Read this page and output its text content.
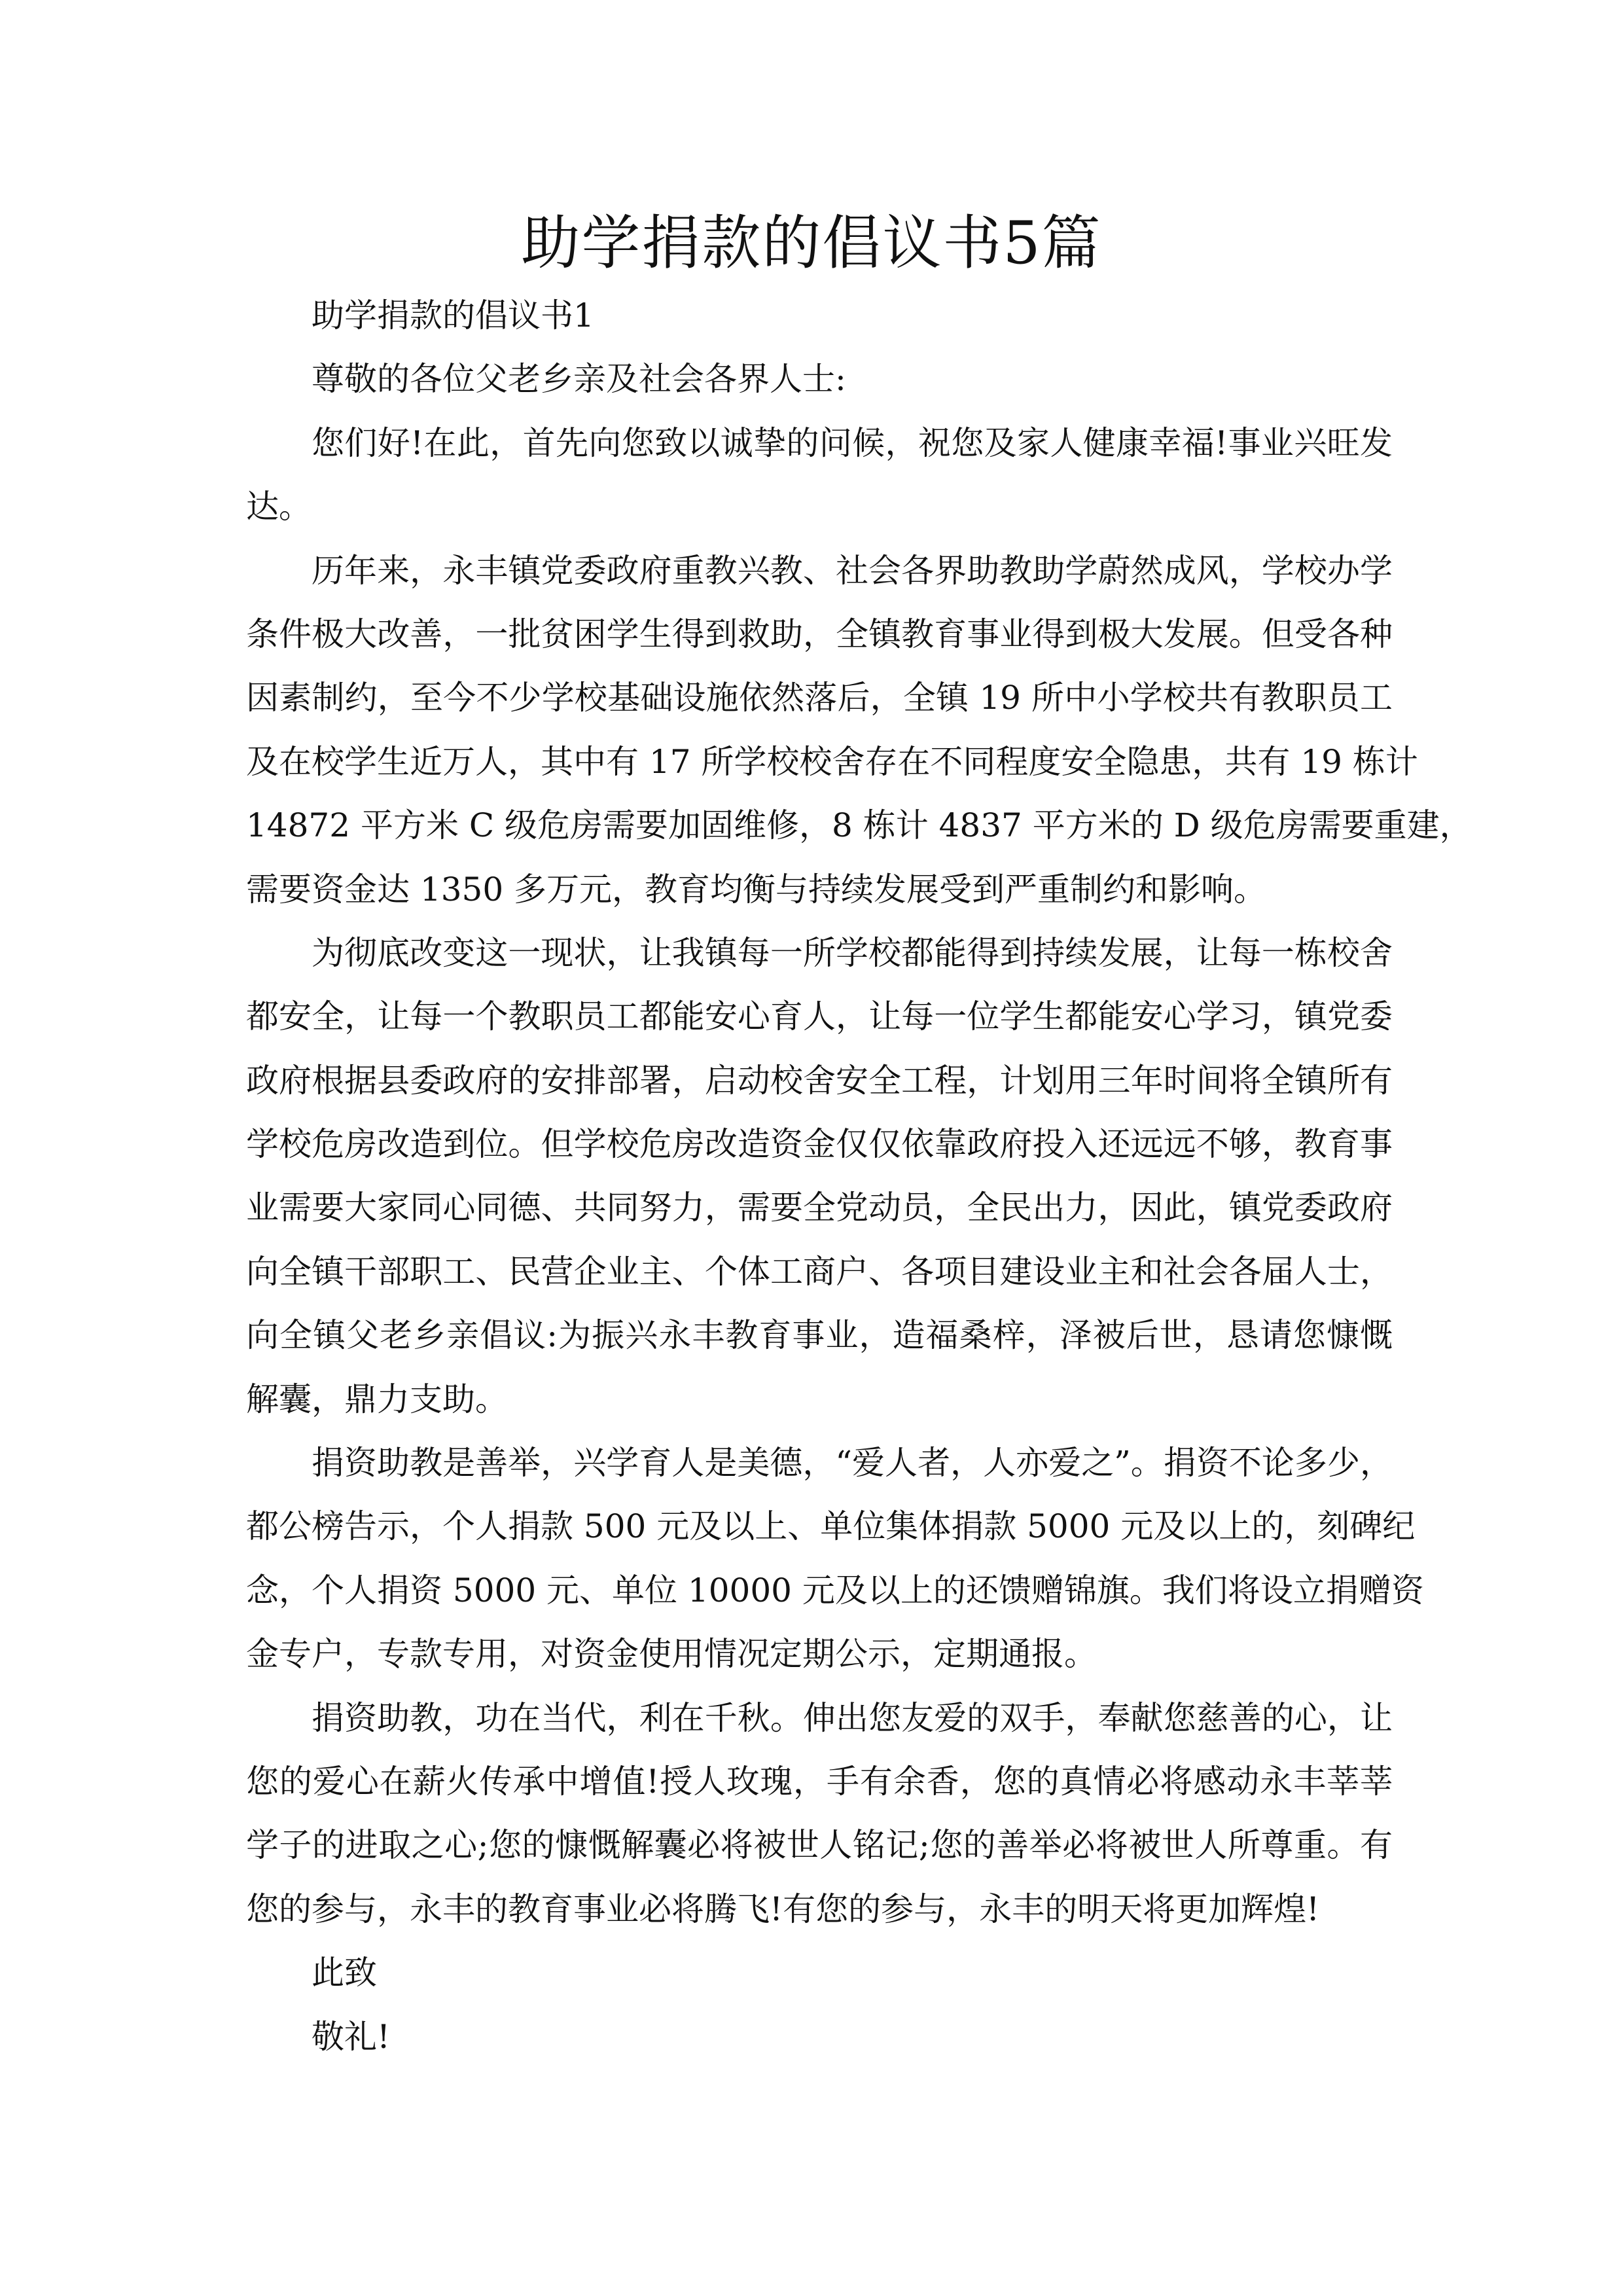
助学捐款的倡议书5篇
助学捐款的倡议书1
尊敬的各位父老乡亲及社会各界人士:
您们好!在此，首先向您致以诚挚的问候，祝您及家人健康幸福!事业兴旺发
达。
历年来，永丰镇党委政府重教兴教、社会各界助教助学蔚然成风，学校办学
条件极大改善，一批贫困学生得到救助，全镇教育事业得到极大发展。但受各种
因素制约，至今不少学校基础设施依然落后，全镇 19 所中小学校共有教职员工
及在校学生近万人，其中有 17 所学校校舍存在不同程度安全隐患，共有 19 栋计
14872 平方米 C 级危房需要加固维修，8 栋计 4837 平方米的 D 级危房需要重建，
需要资金达 1350 多万元，教育均衡与持续发展受到严重制约和影响。
为彻底改变这一现状，让我镇每一所学校都能得到持续发展，让每一栋校舍
都安全，让每一个教职员工都能安心育人，让每一位学生都能安心学习，镇党委
政府根据县委政府的安排部署，启动校舍安全工程，计划用三年时间将全镇所有
学校危房改造到位。但学校危房改造资金仅仅依靠政府投入还远远不够，教育事
业需要大家同心同德、共同努力，需要全党动员，全民出力，因此，镇党委政府
向全镇干部职工、民营企业主、个体工商户、各项目建设业主和社会各届人士，
向全镇父老乡亲倡议:为振兴永丰教育事业，造福桑梓，泽被后世，恳请您慷慨
解囊，鼎力支助。
捐资助教是善举，兴学育人是美德，“爱人者，人亦爱之”。捐资不论多少，
都公榜告示，个人捐款 500 元及以上、单位集体捐款 5000 元及以上的，刻碑纪
念，个人捐资 5000 元、单位 10000 元及以上的还馈赠锦旗。我们将设立捐赠资
金专户，专款专用，对资金使用情况定期公示，定期通报。
捐资助教，功在当代，利在千秋。伸出您友爱的双手，奉献您慈善的心，让
您的爱心在薪火传承中增值!授人玫瑰，手有余香，您的真情必将感动永丰莘莘
学子的进取之心;您的慷慨解囊必将被世人铭记;您的善举必将被世人所尊重。有
您的参与，永丰的教育事业必将腾飞!有您的参与，永丰的明天将更加辉煌!
此致
敬礼!
